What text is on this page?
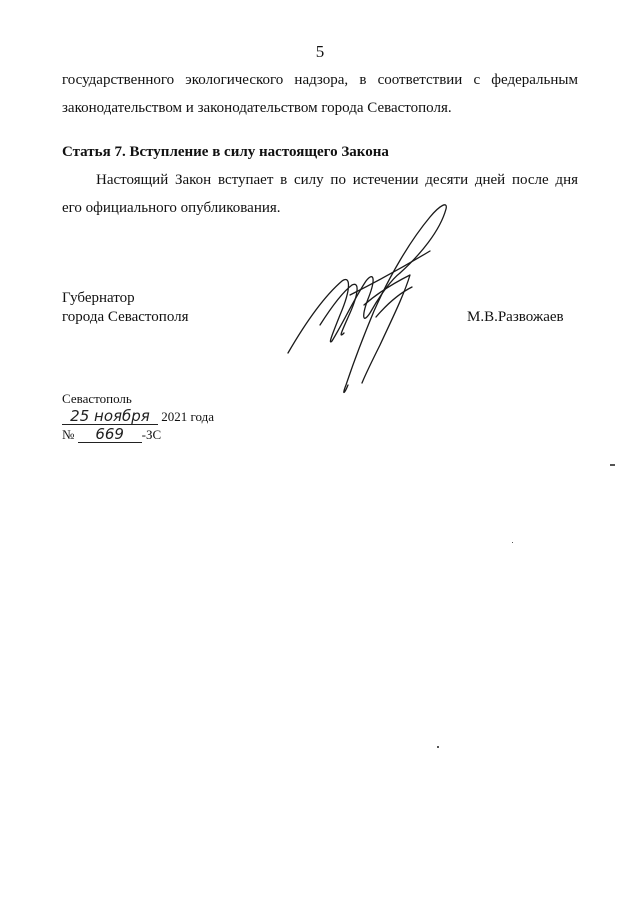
5
государственного экологического надзора, в соответствии с федеральным
законодательством и законодательством города Севастополя.
Статья 7. Вступление в силу настоящего Закона
Настоящий Закон вступает в силу по истечении десяти дней после дня
его официального опубликования.
Губернатор
города Севастополя	М.В.Развожаев
Севастополь
25 ноября 2021 года
№ 669 -ЗС
